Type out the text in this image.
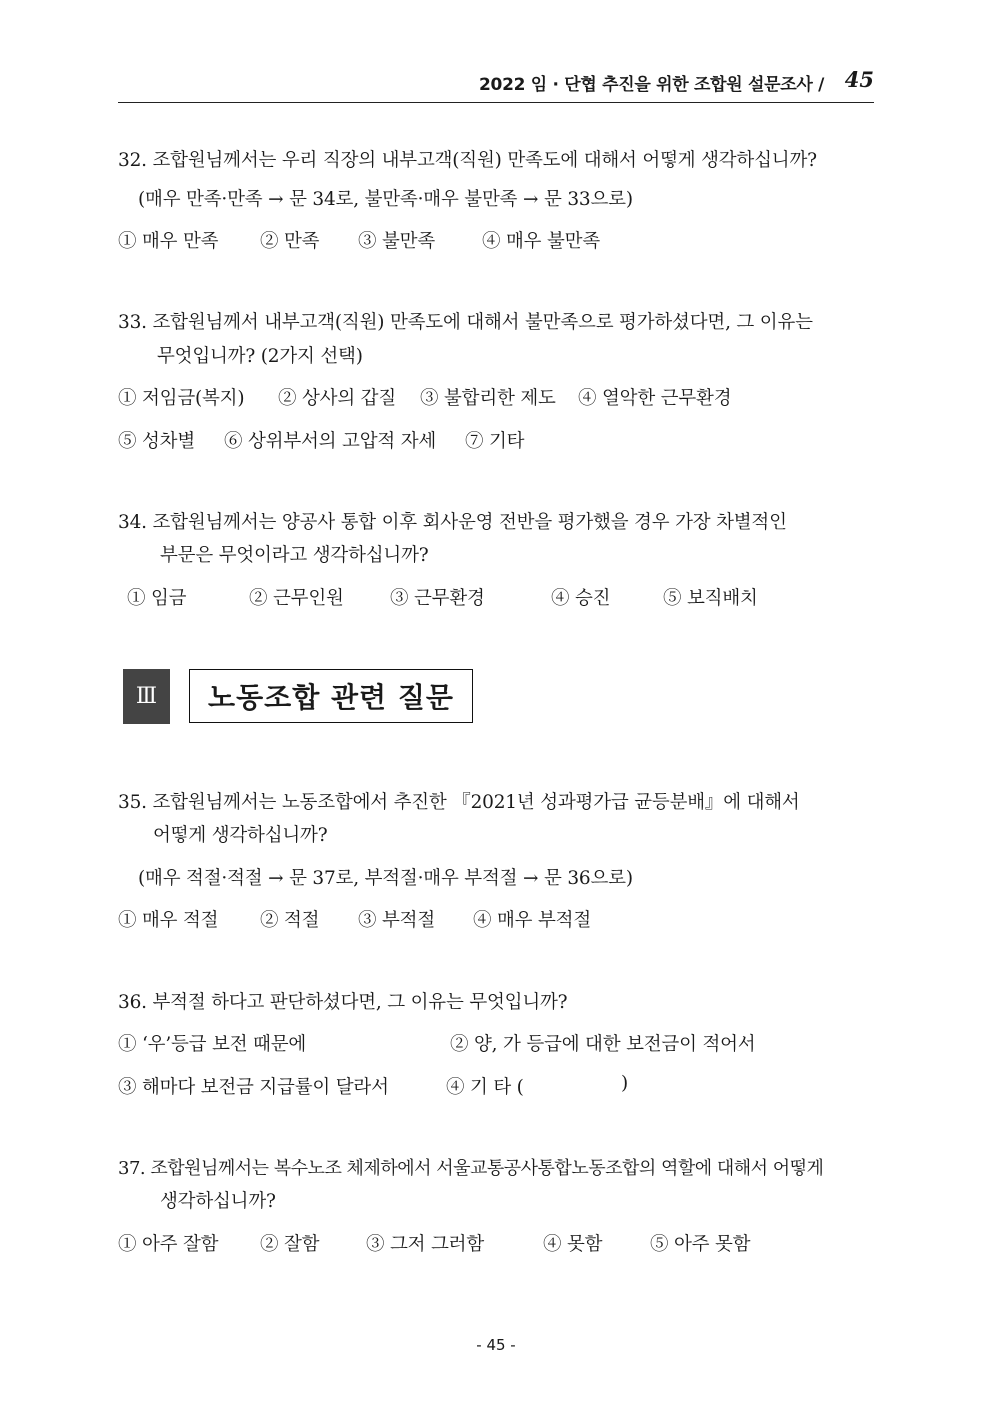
2022 임 · 단협 추진을 위한 조합원 설문조사 / 45
32. 조합원님께서는 우리 직장의 내부고객(직원) 만족도에 대해서 어떻게 생각하십니까?
(매우 만족·만족 → 문 34로, 불만족·매우 불만족 → 문 33으로)
① 매우 만족 ② 만족 ③ 불만족	④ 매우 불만족
33. 조합원님께서 내부고객(직원) 만족도에 대해서 불만족으로 평가하셨다면, 그 이유는
무엇입니까? (2가지 선택)
① 저임금(복지) ② 상사의 갑질 ③ 불합리한 제도 ④ 열악한 근무환경
⑤ 성차별 ⑥ 상위부서의 고압적 자세 ⑦ 기타
34. 조합원님께서는 양공사 통합 이후 회사운영 전반을 평가했을 경우 가장 차별적인
부문은 무엇이라고 생각하십니까?
① 임금	② 근무인원	③ 근무환경	④ 승진	⑤ 보직배치
Ⅲ	노동조합 관련 질문
35. 조합원님께서는 노동조합에서 추진한 『2021년 성과평가급 균등분배』에 대해서
어떻게 생각하십니까?
(매우 적절·적절 → 문 37로, 부적절·매우 부적절 → 문 36으로)
① 매우 적절 ② 적절 ③ 부적절 ④ 매우 부적절
36. 부적절 하다고 판단하셨다면, 그 이유는 무엇입니까?
① ‘우’등급 보전 때문에	② 양, 가 등급에 대한 보전금이 적어서
③ 해마다 보전금 지급률이 달라서	④ 기 타 (	)
37. 조합원님께서는 복수노조 체제하에서 서울교통공사통합노동조합의 역할에 대해서 어떻게
생각하십니까?
① 아주 잘함 ② 잘함	③ 그저 그러함	④ 못함	⑤ 아주 못함
- 45 -
